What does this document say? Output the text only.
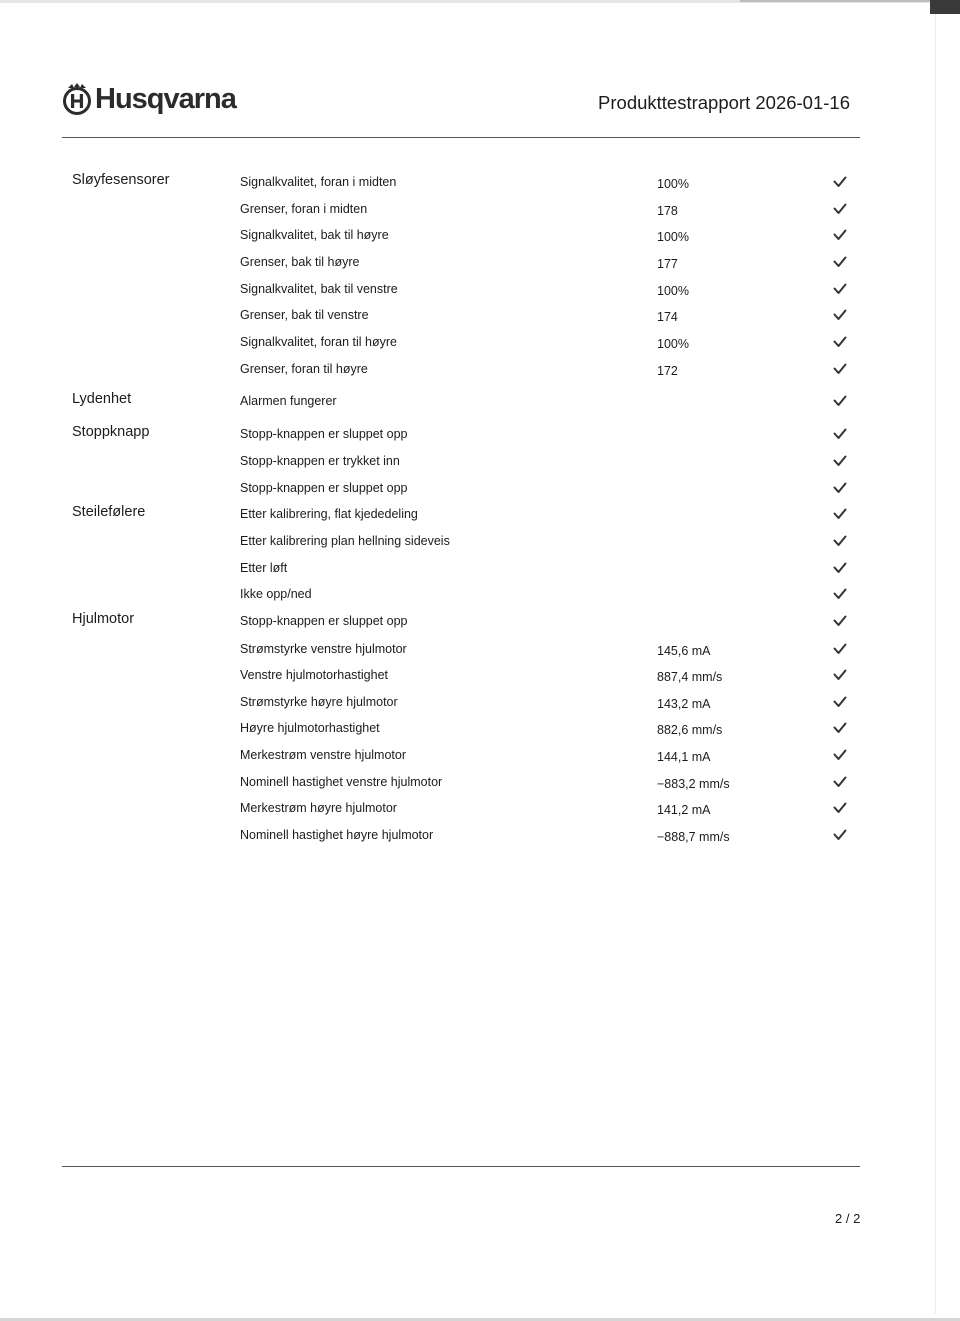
Husqvarna	Produkttestrapport 2026-01-16
Sløyfesensorer	Signalkvalitet, foran i midten	100%
Grenser, foran i midten	178
Signalkvalitet, bak til høyre	100%
Grenser, bak til høyre	177
Signalkvalitet, bak til venstre	100%
Grenser, bak til venstre	174
Signalkvalitet, foran til høyre	100%
Grenser, foran til høyre	172
Lydenhet	Alarmen fungerer
Stoppknapp	Stopp-knappen er sluppet opp
Stopp-knappen er trykket inn
Stopp-knappen er sluppet opp
Steilefølere	Etter kalibrering, flat kjededeling
Etter kalibrering plan hellning sideveis
Etter løft
Ikke opp/ned
Hjulmotor	Stopp-knappen er sluppet opp
Strømstyrke venstre hjulmotor	145,6 mA
Venstre hjulmotorhastighet	887,4 mm/s
Strømstyrke høyre hjulmotor	143,2 mA
Høyre hjulmotorhastighet	882,6 mm/s
Merkestrøm venstre hjulmotor	144,1 mA
Nominell hastighet venstre hjulmotor	−883,2 mm/s
Merkestrøm høyre hjulmotor	141,2 mA
Nominell hastighet høyre hjulmotor	−888,7 mm/s
2 / 2
